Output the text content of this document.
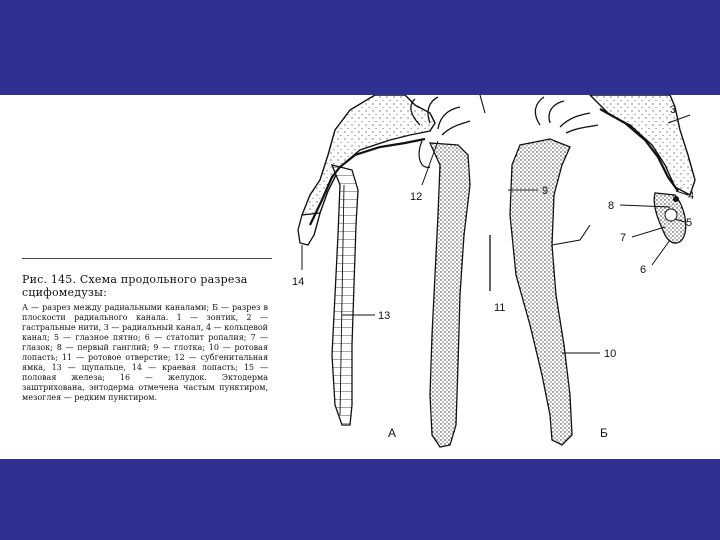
Рис. 145. Схема продольного разреза сцифомедузы:

А — разрез между радиальными каналами; Б — разрез в плоскости радиального канала. 1 — зонтик, 2 — гастральные нити, 3 — радиальный канал, 4 — кольцевой канал; 5 — глазное пятно; 6 — статолит ропалия; 7 — глазок; 8 — первый ганглий; 9 — глотка; 10 — ротовая лопасть; 11 — ротовое отверстие; 12 — субгенитальная ямка, 13 — щупальце, 14 — краевая лопасть; 15 — половая железа; 16 — желудок. Эктодерма заштрихована, энтодерма отмечена частым пунктиром, мезоглея — редким пунктиром.

12	9
11
13
14
10
3
4
8
5
7
6
А	Б
